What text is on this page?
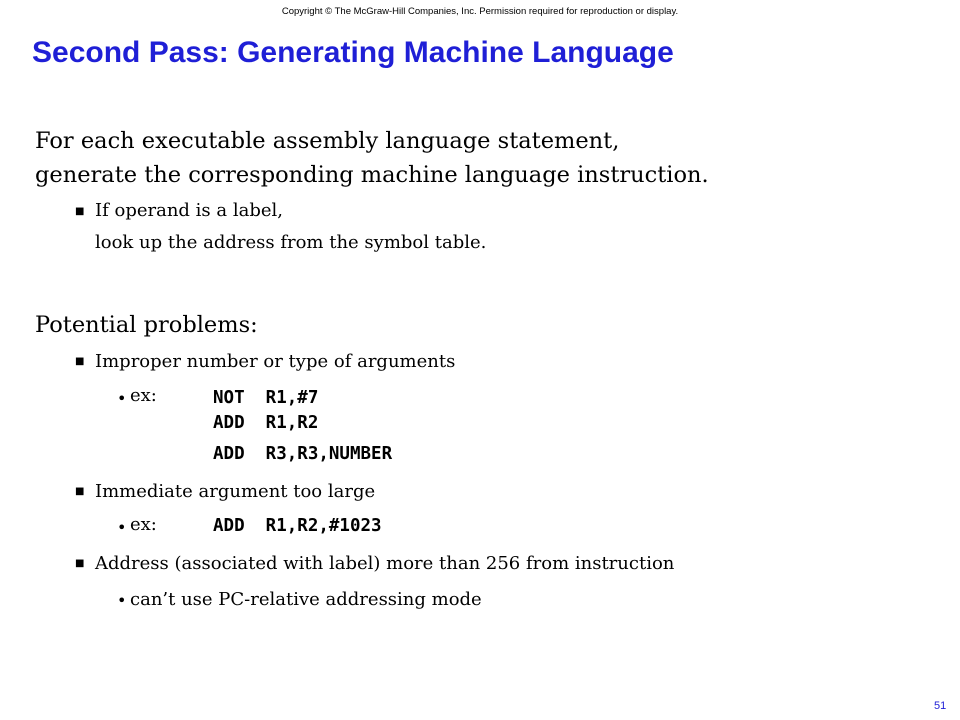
Copyright © The McGraw-Hill Companies, Inc. Permission required for reproduction or display.
Second Pass: Generating Machine Language
For each executable assembly language statement,
generate the corresponding machine language instruction.
■ If operand is a label,
look up the address from the symbol table.
Potential problems:
■ Improper number or type of arguments
• ex:	NOT  R1,#7
ADD  R1,R2
ADD  R3,R3,NUMBER
■ Immediate argument too large
• ex:	ADD  R1,R2,#1023
■ Address (associated with label) more than 256 from instruction
• can’t use PC-relative addressing mode
51
